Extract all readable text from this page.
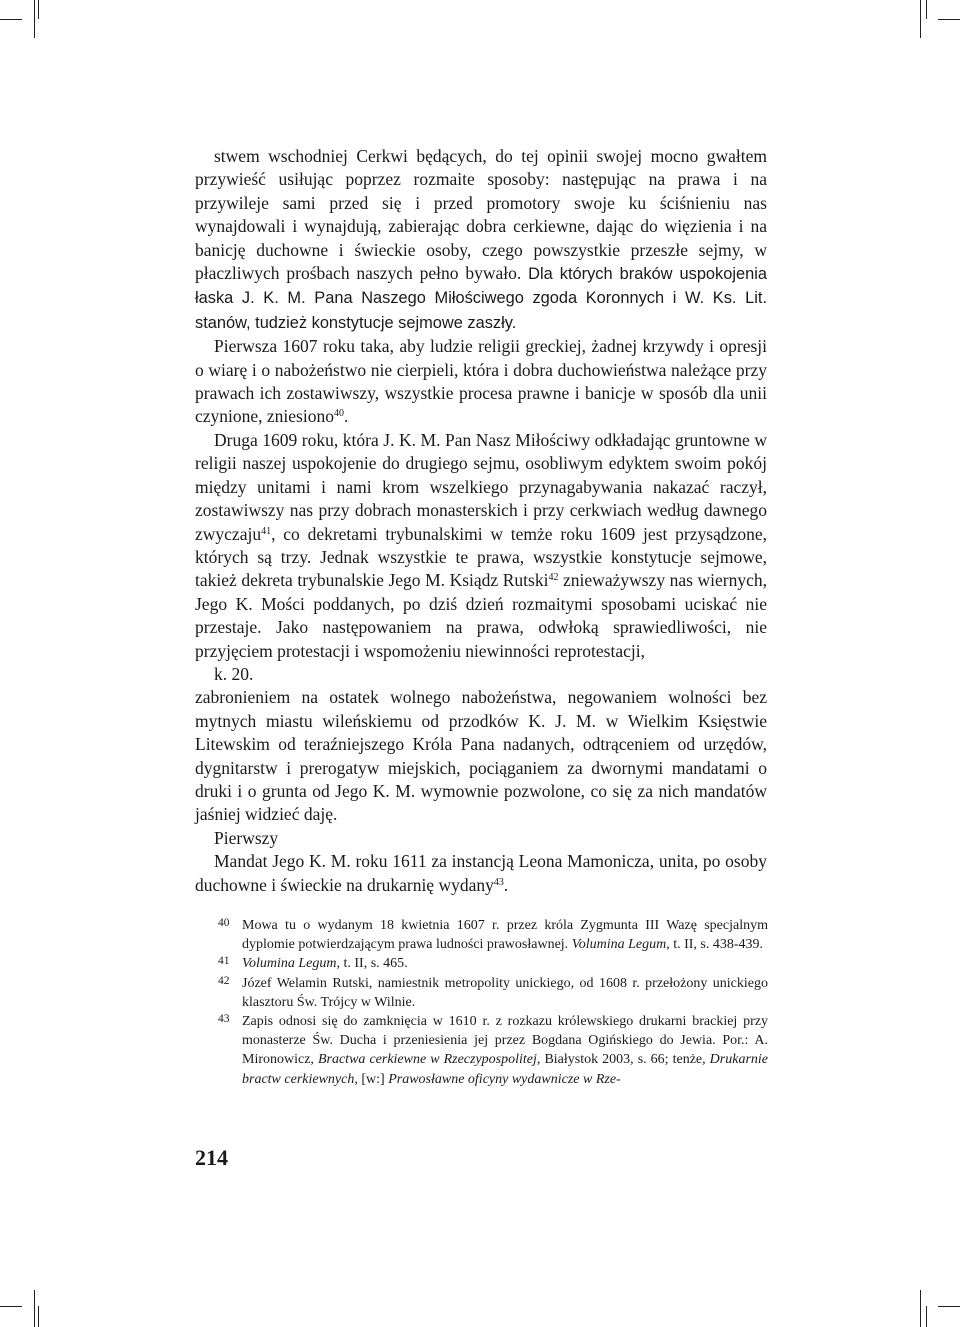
stwem wschodniej Cerkwi będących, do tej opinii swojej mocno gwałtem przywieść usiłując poprzez rozmaite sposoby: następując na prawa i na przywileje sami przed się i przed promotory swoje ku ściśnieniu nas wynajdowali i wynajdują, zabierając dobra cerkiewne, dając do więzienia i na banicję duchowne i świeckie osoby, czego powszystkie przeszłe sejmy, w płaczliwych prośbach naszych pełno bywało. Dla których braków uspokojenia łaska J. K. M. Pana Naszego Miłościwego zgoda Koronnych i W. Ks. Lit. stanów, tudzież konstytucje sejmowe zaszły.

Pierwsza 1607 roku taka, aby ludzie religii greckiej, żadnej krzywdy i opresji o wiarę i o nabożeństwo nie cierpieli, która i dobra duchowieństwa należące przy prawach ich zostawiwszy, wszystkie procesa prawne i banicje w sposób dla unii czynione, zniesiono$^{40}$.

Druga 1609 roku, która J. K. M. Pan Nasz Miłościwy odkładając gruntowne w religii naszej uspokojenie do drugiego sejmu, osobliwym edyktem swoim pokój między unitami i nami krom wszelkiego przynagabywania nakazać raczył, zostawiwszy nas przy dobrach monasterskich i przy cerkwiach według dawnego zwyczaju$^{41}$, co dekretami trybunalskimi w temże roku 1609 jest przysądzone, których są trzy. Jednak wszystkie te prawa, wszystkie konstytucje sejmowe, takież dekreta trybunalskie Jego M. Ksiądz Rutski$^{42}$ zniеważywszy nas wiernych, Jego K. Mości poddanych, po dziś dzień rozmaitymi sposobami uciskać nie przestaje. Jako następowaniem na prawa, odwłoką sprawiedliwości, nie przyjęciem protestacji i wspomożeniu niewinności reprotestacji,

k. 20.

zabronieniem na ostatek wolnego nabożeństwa, negowaniem wolności bez mytnych miastu wileńskiemu od przodków K. J. M. w Wielkim Księstwie Litewskim od teraźniejszego Króla Pana nadanych, odtrąceniem od urzędów, dygnitarstw i prerogatyw miejskich, pociąganiem za dwornymi mandatami o druki i o grunta od Jego K. M. wymownie pozwolone, co się za nich mandatów jaśniej widzieć daję.

Pierwszy

Mandat Jego K. M. roku 1611 za instancją Leona Mamonicza, unita, po osoby duchowne i świeckie na drukarnię wydany$^{43}$.

40 Mowa tu o wydanym 18 kwietnia 1607 r. przez króla Zygmunta III Wazę specjalnym dyplomie potwierdzającym prawa ludności prawosławnej. Volumina Legum, t. II, s. 438-439.
41 Volumina Legum, t. II, s. 465.
42 Józef Welamin Rutski, namiestnik metropolity unickiego, od 1608 r. przełożony unickiego klasztoru Św. Trójcy w Wilnie.
43 Zapis odnosi się do zamknięcia w 1610 r. z rozkazu królewskiego drukarni brackiej przy monasterze Św. Ducha i przeniesienia jej przez Bogdana Ogińskiego do Jewia. Por.: A. Mironowicz, Bractwa cerkiewne w Rzeczypospolitej, Białystok 2003, s. 66; tenże, Drukarnie bractw cerkiewnych, [w:] Prawosławne oficyny wydawnicze w Rze-
214
